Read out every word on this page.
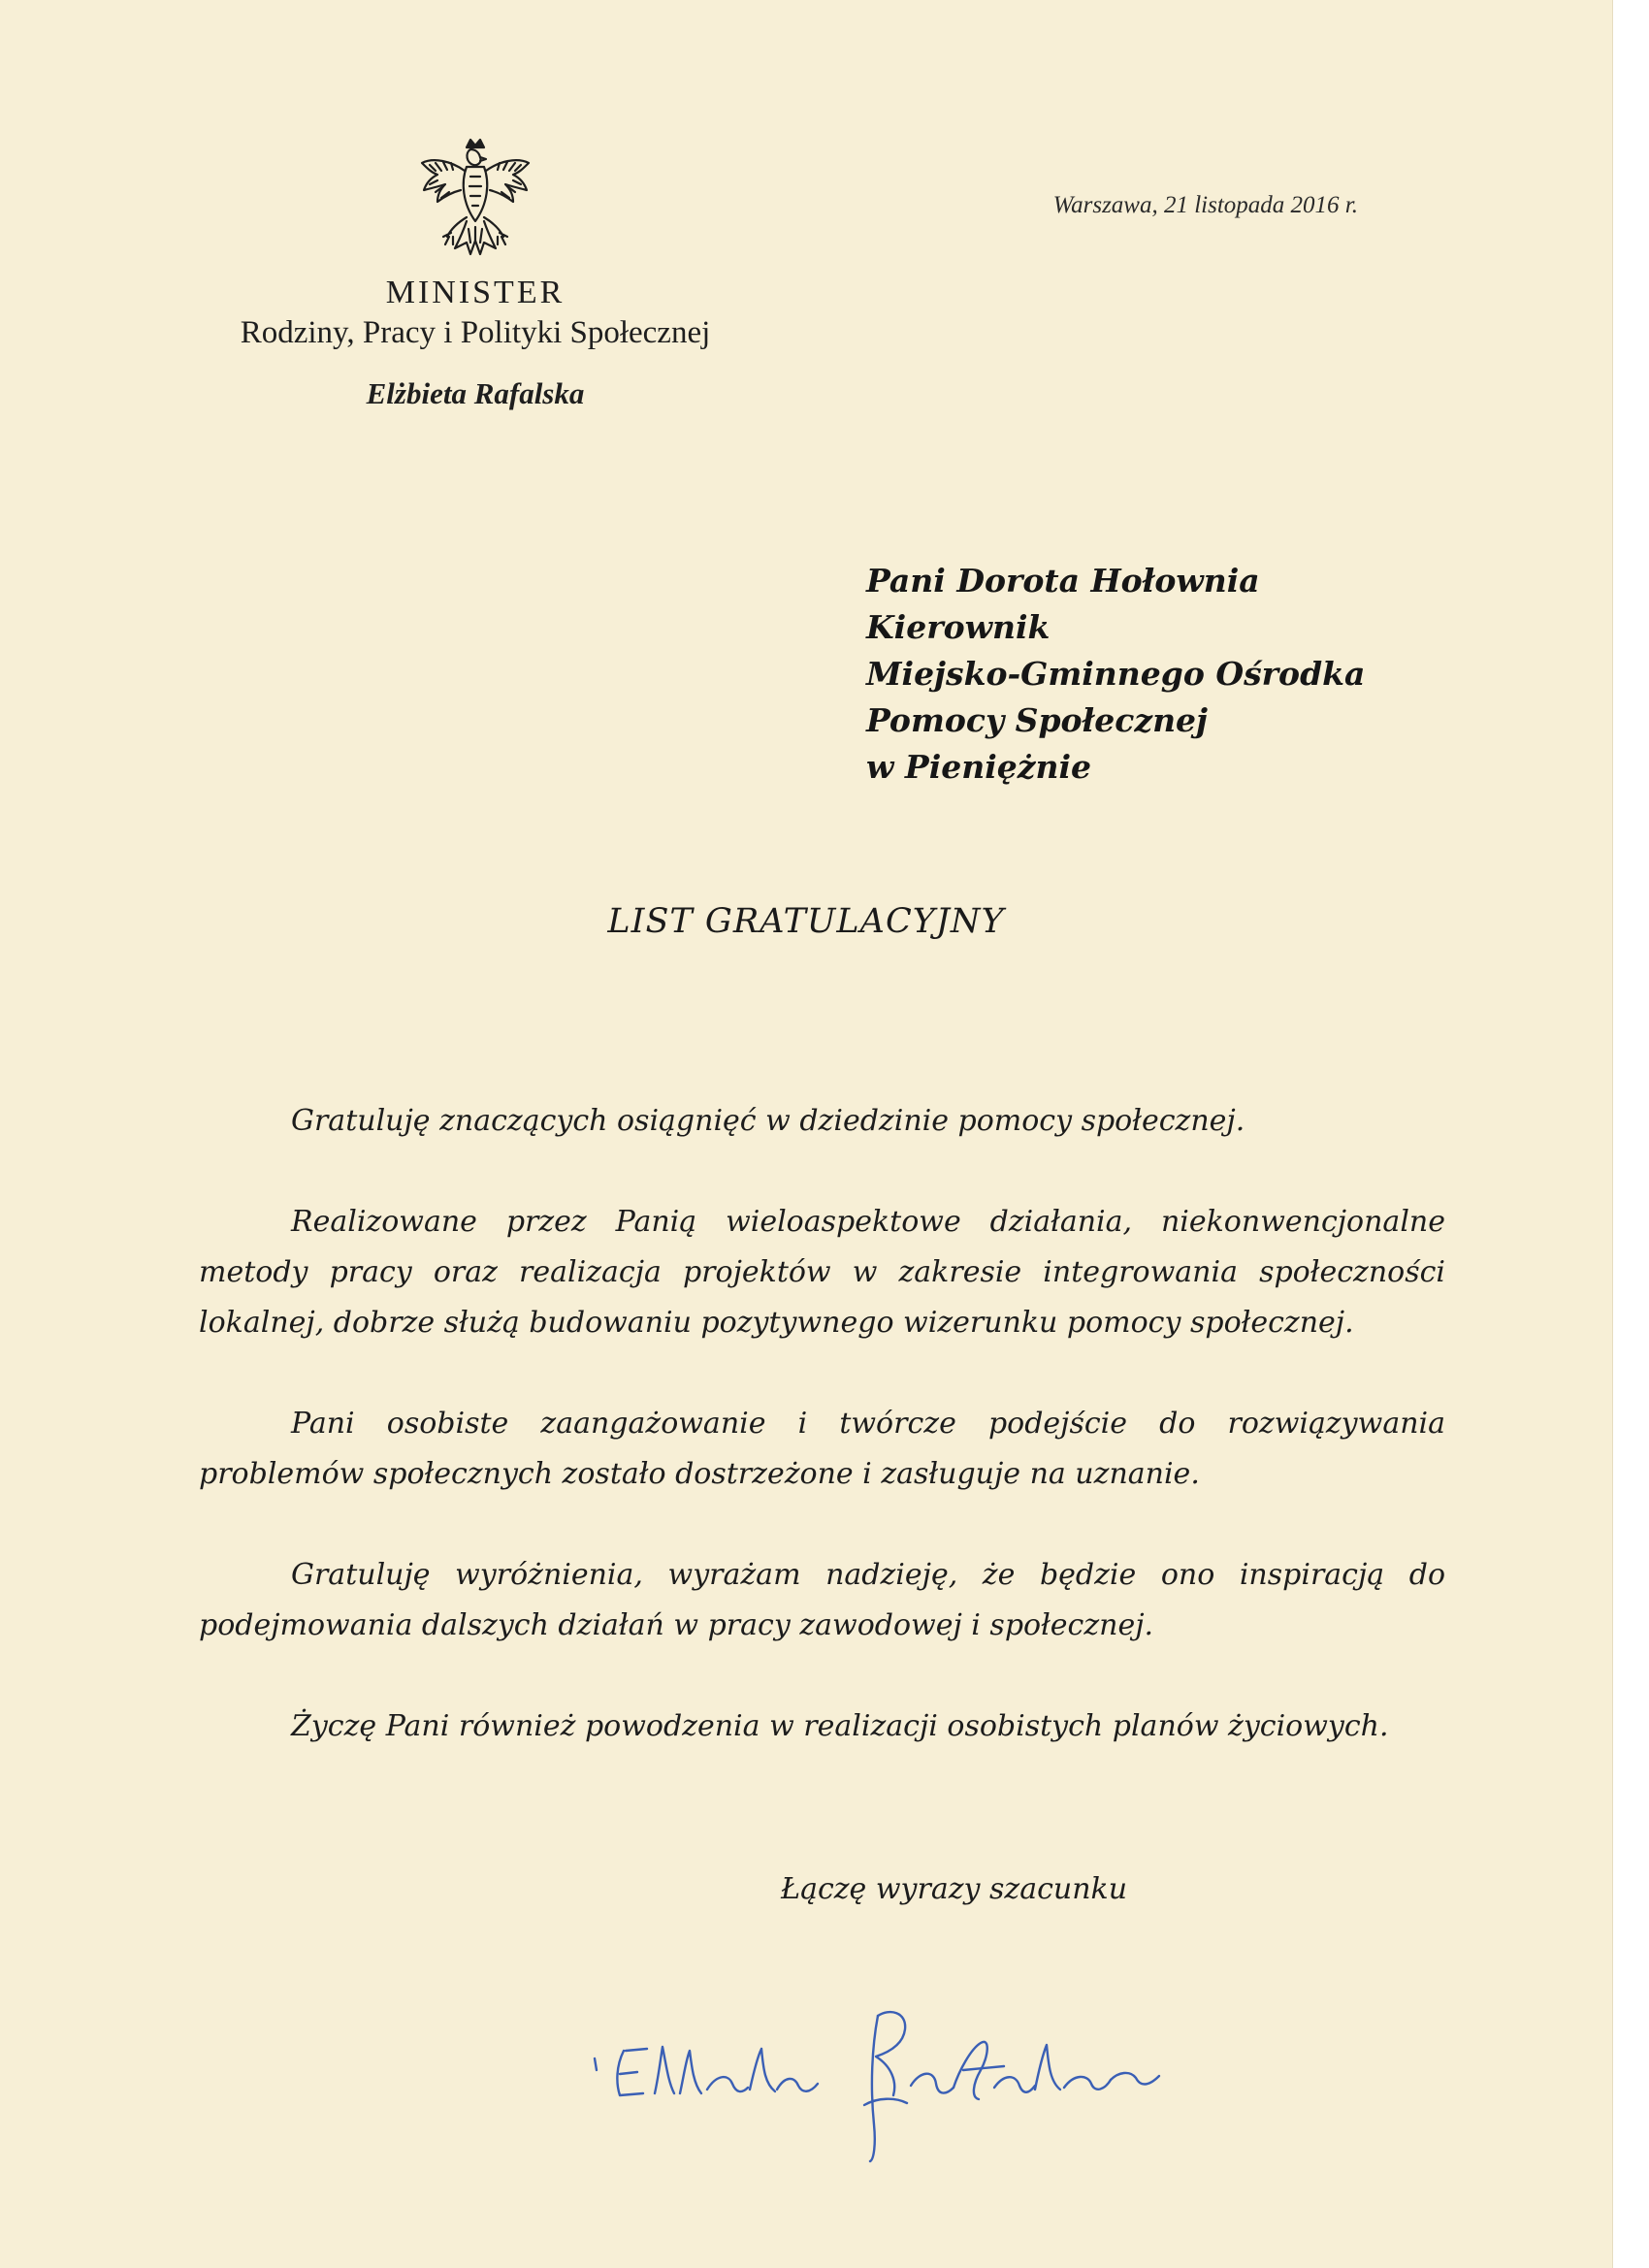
Warszawa, 21 listopada 2016 r.
MINISTER
Rodziny, Pracy i Polityki Społecznej
Elżbieta Rafalska
Pani Dorota Hołownia
Kierownik
Miejsko-Gminnego Ośrodka
Pomocy Społecznej
w Pieniężnie
LIST GRATULACYJNY

Gratuluję znaczących osiągnięć w dziedzinie pomocy społecznej.

Realizowane przez Panią wieloaspektowe działania, niekonwencjonalne metody pracy oraz realizacja projektów w zakresie integrowania społeczności lokalnej, dobrze służą budowaniu pozytywnego wizerunku pomocy społecznej.

Pani osobiste zaangażowanie i twórcze podejście do rozwiązywania problemów społecznych zostało dostrzeżone i zasługuje na uznanie.

Gratuluję wyróżnienia, wyrażam nadzieję, że będzie ono inspiracją do podejmowania dalszych działań w pracy zawodowej i społecznej.

Życzę Pani również powodzenia w realizacji osobistych planów życiowych.

Łączę wyrazy szacunku
